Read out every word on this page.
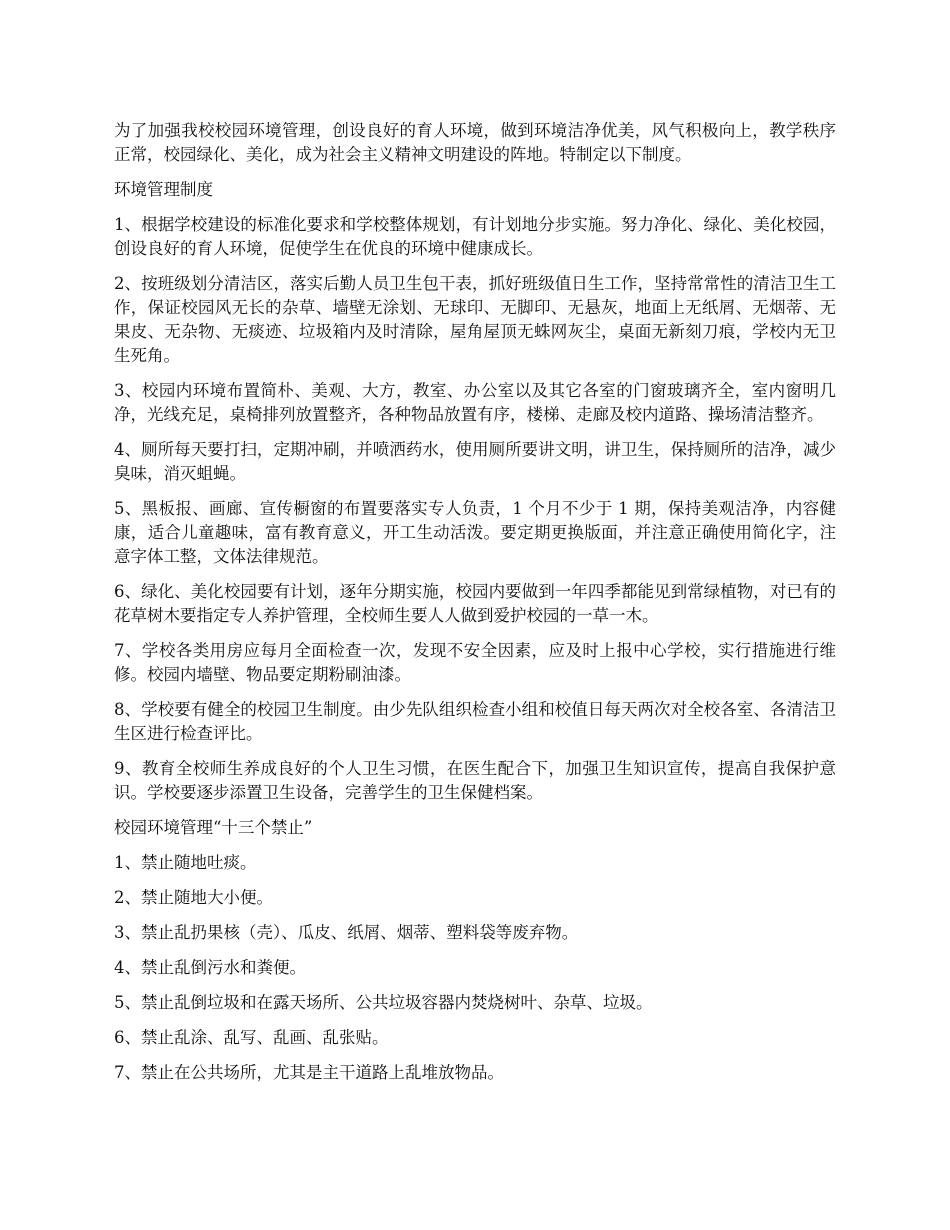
为了加强我校校园环境管理，创设良好的育人环境，做到环境洁净优美，风气积极向上，教学秩序正常，校园绿化、美化，成为社会主义精神文明建设的阵地。特制定以下制度。

环境管理制度

1、根据学校建设的标准化要求和学校整体规划，有计划地分步实施。努力净化、绿化、美化校园，创设良好的育人环境，促使学生在优良的环境中健康成长。

2、按班级划分清洁区，落实后勤人员卫生包干表，抓好班级值日生工作，坚持常常性的清洁卫生工作，保证校园风无长的杂草、墙壁无涂划、无球印、无脚印、无悬灰，地面上无纸屑、无烟蒂、无果皮、无杂物、无痰迹、垃圾箱内及时清除，屋角屋顶无蛛网灰尘，桌面无新刻刀痕，学校内无卫生死角。

3、校园内环境布置简朴、美观、大方，教室、办公室以及其它各室的门窗玻璃齐全，室内窗明几净，光线充足，桌椅排列放置整齐，各种物品放置有序，楼梯、走廊及校内道路、操场清洁整齐。

4、厕所每天要打扫，定期冲刷，并喷洒药水，使用厕所要讲文明，讲卫生，保持厕所的洁净，减少臭味，消灭蛆蝇。

5、黑板报、画廊、宣传橱窗的布置要落实专人负责，1 个月不少于 1 期，保持美观洁净，内容健康，适合儿童趣味，富有教育意义，开工生动活泼。要定期更换版面，并注意正确使用简化字，注意字体工整，文体法律规范。

6、绿化、美化校园要有计划，逐年分期实施，校园内要做到一年四季都能见到常绿植物，对已有的花草树木要指定专人养护管理，全校师生要人人做到爱护校园的一草一木。

7、学校各类用房应每月全面检查一次，发现不安全因素，应及时上报中心学校，实行措施进行维修。校园内墙壁、物品要定期粉刷油漆。

8、学校要有健全的校园卫生制度。由少先队组织检查小组和校值日每天两次对全校各室、各清洁卫生区进行检查评比。

9、教育全校师生养成良好的个人卫生习惯，在医生配合下，加强卫生知识宣传，提高自我保护意识。学校要逐步添置卫生设备，完善学生的卫生保健档案。

校园环境管理“十三个禁止”

1、禁止随地吐痰。

2、禁止随地大小便。

3、禁止乱扔果核（壳）、瓜皮、纸屑、烟蒂、塑料袋等废弃物。

4、禁止乱倒污水和粪便。

5、禁止乱倒垃圾和在露天场所、公共垃圾容器内焚烧树叶、杂草、垃圾。

6、禁止乱涂、乱写、乱画、乱张贴。

7、禁止在公共场所，尤其是主干道路上乱堆放物品。
